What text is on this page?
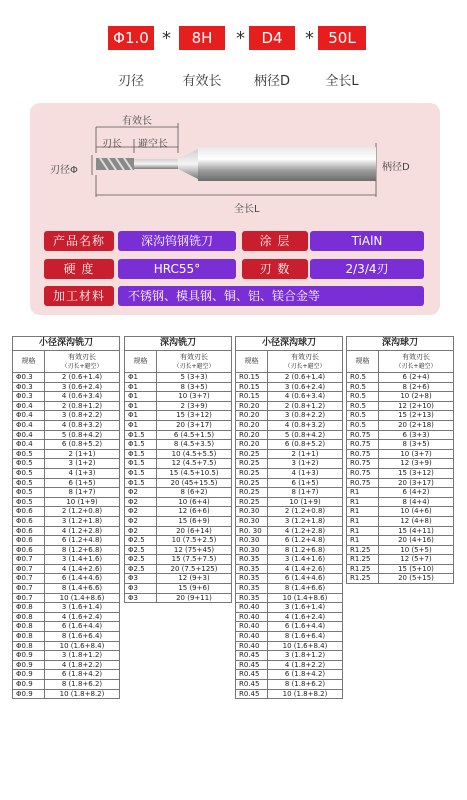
Φ1.0 *	8H	*	D4	* 50L
刃径	有效长	柄径D	全长L
有效长
刃长 避空长
刃径Φ	柄径D
全长L
产品名称	深沟钨钢铣刀	涂 层	TiAlN
硬 度	HRC55°	刃 数	2/3/4刃
加工材料	不锈钢、模具钢、铜、铝、镁合金等
小径深沟铣刀	
规格	有效刃长
（刃长+避空）

Φ0.3	2 (0.6+1.4)
Φ0.3	3 (0.6+2.4)
Φ0.3	4 (0.6+3.4)
Φ0.4	2 (0.8+1.2)
Φ0.4	3 (0.8+2.2)
Φ0.4	4 (0.8+3.2)
Φ0.4	5 (0.8+4.2)
Φ0.4	6 (0.8+5.2)
Φ0.5	2 (1+1)
Φ0.5	3 (1+2)
Φ0.5	4 (1+3)
Φ0.5	6 (1+5)
Φ0.5	8 (1+7)
Φ0.5	10 (1+9)
Φ0.6	2 (1.2+0.8)
Φ0.6	3 (1.2+1.8)
Φ0.6	4 (1.2+2.8)
Φ0.6	6 (1.2+4.8)
Φ0.6	8 (1.2+6.8)
Φ0.7	3 (1.4+1.6)
Φ0.7	4 (1.4+2.6)
Φ0.7	6 (1.4+4.6)
Φ0.7	8 (1.4+6.6)
Φ0.7	10 (1.4+8.6)
Φ0.8	3 (1.6+1.4)
Φ0.8	4 (1.6+2.4)
Φ0.8	6 (1.6+4.4)
Φ0.8	8 (1.6+6.4)
Φ0.8	10 (1.6+8.4)
Φ0.9	3 (1.8+1.2)
Φ0.9	4 (1.8+2.2)
Φ0.9	6 (1.8+4.2)
Φ0.9	8 (1.8+6.2)
Φ0.9	10 (1.8+8.2)
深沟铣刀	
规格	有效刃长
（刃长+避空）

Φ1	5 (3+3)
Φ1	8 (3+5)
Φ1	10 (3+7)
Φ1	2 (3+9)
Φ1	15 (3+12)
Φ1	20 (3+17)
Φ1.5	6 (4.5+1.5)
Φ1.5	8 (4.5+3.5)
Φ1.5	10 (4.5+5.5)
Φ1.5	12 (4.5+7.5)
Φ1.5	15 (4.5+10.5)
Φ1.5	20 (45+15.5)
Φ2	8 (6+2)
Φ2	10 (6+4)
Φ2	12 (6+6)
Φ2	15 (6+9)
Φ2	20 (6+14)
Φ2.5	10 (7.5+2.5)
Φ2.5	12 (75+45)
Φ2.5	15 (7.5+7.5)
Φ2.5	20 (7.5+125)
Φ3	12 (9+3)
Φ3	15 (9+6)
Φ3	20 (9+11)
小径深沟球刀	
规格	有效刃长
（刃长+避空）

R0.15	2 (0.6+1.4)
R0.15	3 (0.6+2.4)
R0.15	4 (0.6+3.4)
R0.20	2 (0.8+1.2)
R0.20	3 (0.8+2.2)
R0.20	4 (0.8+3.2)
R0.20	5 (0.8+4.2)
R0.20	6 (0.8+5.2)
R0.25	2 (1+1)
R0.25	3 (1+2)
R0.25	4 (1+3)
R0.25	6 (1+5)
R0.25	8 (1+7)
R0.25	10 (1+9)
R0.30	2 (1.2+0.8)
R0.30	3 (1.2+1.8)
R0. 30	4 (1.2+2.8)
R0.30	6 (1.2+4.8)
R0.30	8 (1.2+6.8)
R0.35	3 (1.4+1.6)
R0.35	4 (1.4+2.6)
R0.35	6 (1.4+4.6)
R0.35	8 (1.4+6.6)
R0.35	10 (1.4+8.6)
R0.40	3 (1.6+1.4)
R0.40	4 (1.6+2.4)
R0.40	6 (1.6+4.4)
R0.40	8 (1.6+6.4)
R0.40	10 (1.6+8.4)
R0.45	3 (1.8+1.2)
R0.45	4 (1.8+2.2)
R0.45	6 (1.8+4.2)
R0.45	8 (1.8+6.2)
R0.45	10 (1.8+8.2)
深沟球刀	
规格	有效刃长
（刃长+避空）

R0.5	6 (2+4)
R0.5	8 (2+6)
R0.5	10 (2+8)
R0.5	12 (2+10)
R0.5	15 (2+13)
R0.5	20 (2+18)
R0.75	6 (3+3)
R0.75	8 (3+5)
R0.75	10 (3+7)
R0.75	12 (3+9)
R0.75	15 (3+12)
R0.75	20 (3+17)
R1	6 (4+2)
R1	8 (4+4)
R1	10 (4+6)
R1	12 (4+8)
R1	15 (4+11)
R1	20 (4+16)
R1.25	10 (5+5)
R1.25	12 (5+7)
R1.25	15 (5+10)
R1.25	20 (5+15)
